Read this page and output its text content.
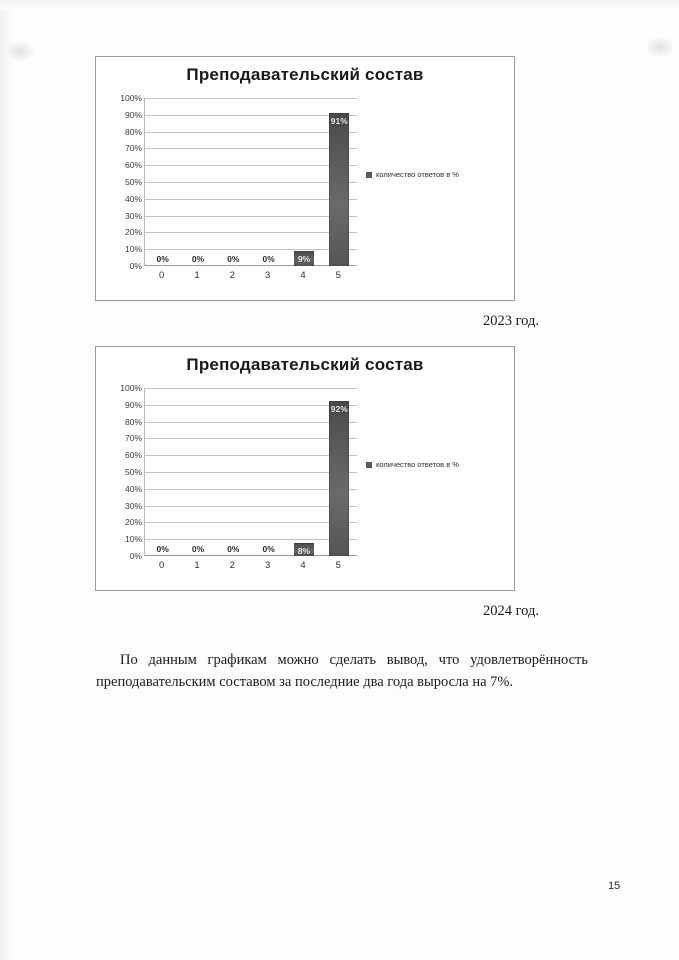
Преподавательский состав
100%
90%
80%
70%
60%
50%
40%
30%
20%
10%
0%
0%	0%	0%	0%	9%
91%
0	1	2	3	4	5
количество ответов в %
2023 год.
Преподавательский состав
100%
90%
80%
70%
60%
50%
40%
30%
20%
10%
0%
0%	0%	0%	0%	8%
92%
0	1	2	3	4	5
количество ответов в %
2024 год.

По данным графикам можно сделать вывод, что удовлетворённость преподавательским составом за последние два года выросла на 7%.

15
